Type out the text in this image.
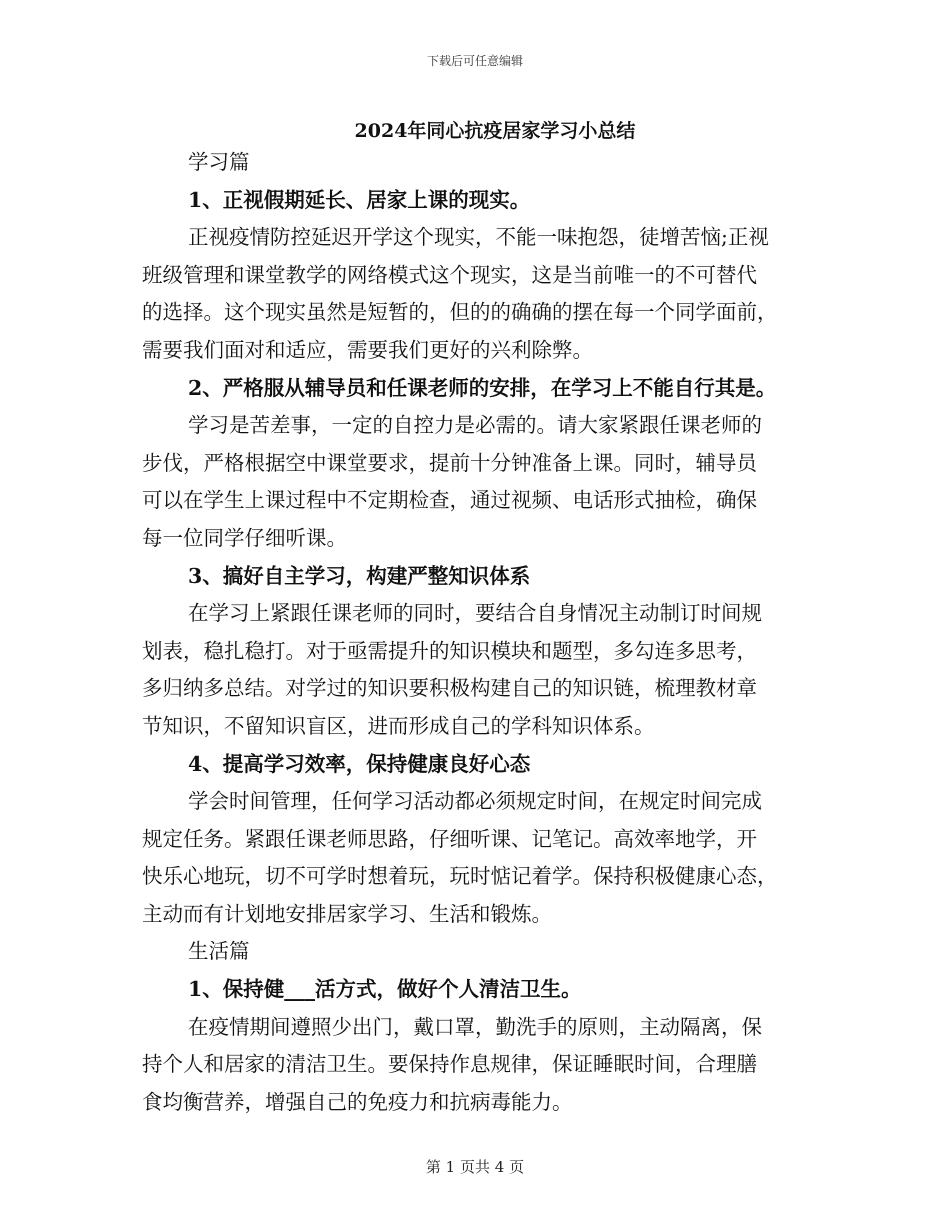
下载后可任意编辑
2024年同心抗疫居家学习小总结
学习篇
1、正视假期延长、居家上课的现实。
正视疫情防控延迟开学这个现实，不能一味抱怨，徒增苦恼;正视
班级管理和课堂教学的网络模式这个现实，这是当前唯一的不可替代
的选择。这个现实虽然是短暂的，但的的确确的摆在每一个同学面前，
需要我们面对和适应，需要我们更好的兴利除弊。
2、严格服从辅导员和任课老师的安排，在学习上不能自行其是。
学习是苦差事，一定的自控力是必需的。请大家紧跟任课老师的
步伐，严格根据空中课堂要求，提前十分钟准备上课。同时，辅导员
可以在学生上课过程中不定期检查，通过视频、电话形式抽检，确保
每一位同学仔细听课。
3、搞好自主学习，构建严整知识体系
在学习上紧跟任课老师的同时，要结合自身情况主动制订时间规
划表，稳扎稳打。对于亟需提升的知识模块和题型，多勾连多思考，
多归纳多总结。对学过的知识要积极构建自己的知识链，梳理教材章
节知识，不留知识盲区，进而形成自己的学科知识体系。
4、提高学习效率，保持健康良好心态
学会时间管理，任何学习活动都必须规定时间，在规定时间完成
规定任务。紧跟任课老师思路，仔细听课、记笔记。高效率地学，开
快乐心地玩，切不可学时想着玩，玩时惦记着学。保持积极健康心态，
主动而有计划地安排居家学习、生活和锻炼。
生活篇
1、保持健___活方式，做好个人清洁卫生。
在疫情期间遵照少出门，戴口罩，勤洗手的原则，主动隔离，保
持个人和居家的清洁卫生。要保持作息规律，保证睡眠时间，合理膳
食均衡营养，增强自己的免疫力和抗病毒能力。
第 1 页共 4 页
